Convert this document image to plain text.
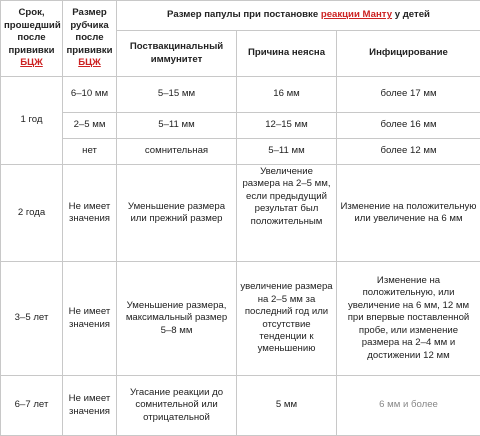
Срок, прошедший после прививки БЦЖ	Размер рубчика после прививки БЦЖ	Размер папулы при постановке реакции Манту у детей		
		Поствакцинальный иммунитет	Причина неясна	Инфицирование
1 год	6–10 мм	5–15 мм	16 мм	более 17 мм
	2–5 мм	5–11 мм	12–15 мм	более 16 мм
	нет	сомнительная	5–11 мм	более 12 мм
2 года	Не имеет значения	Уменьшение размера или прежний размер	Увеличение размера на 2–5 мм, если предыдущий результат был положительным	Изменение на положительную или увеличение на 6 мм
3–5 лет	Не имеет значения	Уменьшение размера, максимальный размер 5–8 мм	увеличение размера на 2–5 мм за последний год или отсутствие тенденции к уменьшению	Изменение на положительную, или увеличение на 6 мм, 12 мм при впервые поставленной пробе, или изменение размера на 2–4 мм и достижении 12 мм
6–7 лет	Не имеет значения	Угасание реакции до сомнительной или отрицательной	5 мм	6 мм и более
